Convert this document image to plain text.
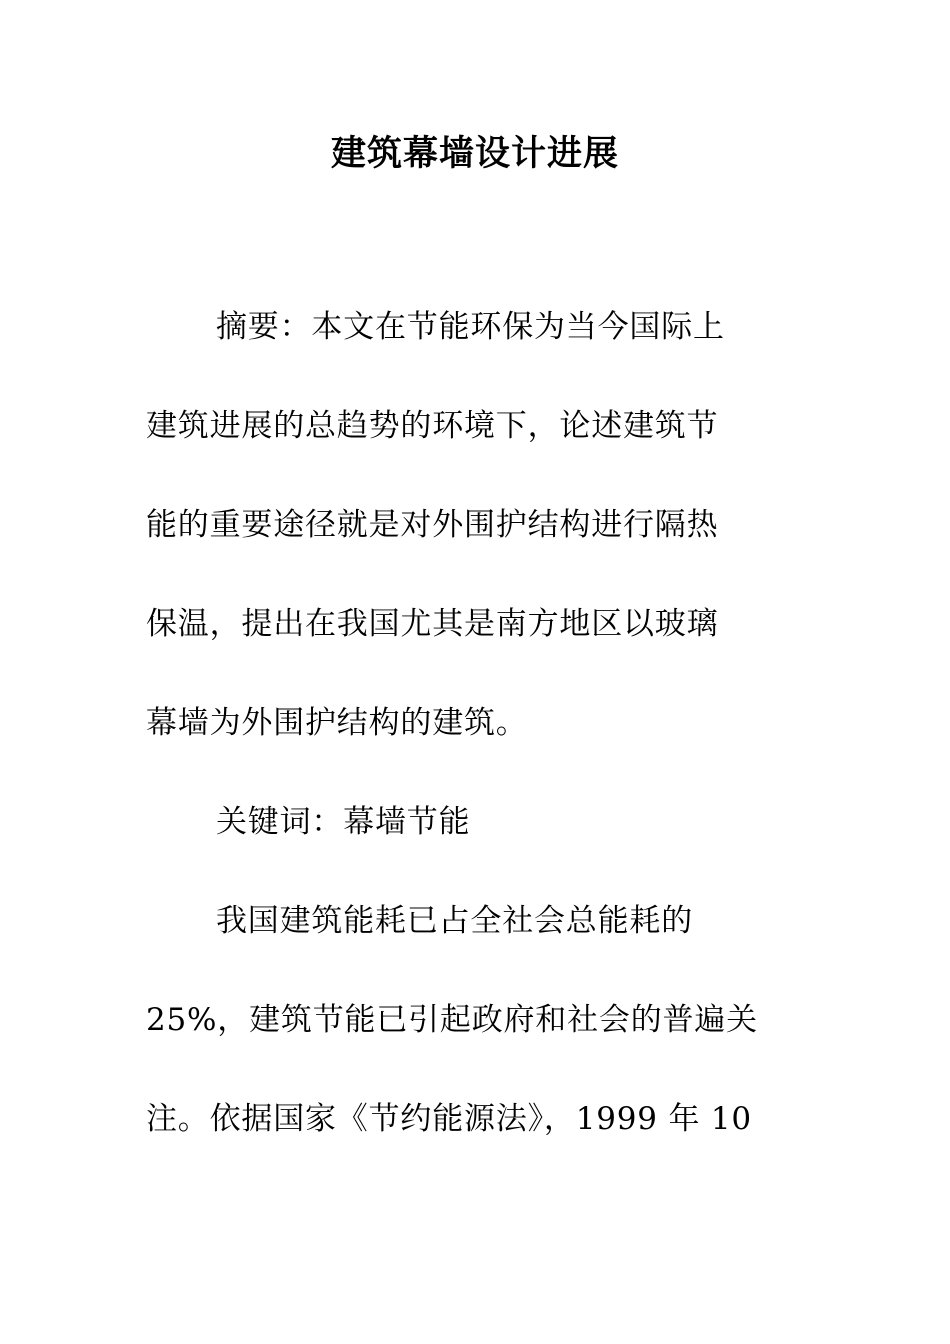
建筑幕墙设计进展
摘要：本文在节能环保为当今国际上
建筑进展的总趋势的环境下，论述建筑节
能的重要途径就是对外围护结构进行隔热
保温，提出在我国尤其是南方地区以玻璃
幕墙为外围护结构的建筑。
关键词：幕墙节能
我国建筑能耗已占全社会总能耗的
25%，建筑节能已引起政府和社会的普遍关
注。依据国家《节约能源法》，1999 年 10
